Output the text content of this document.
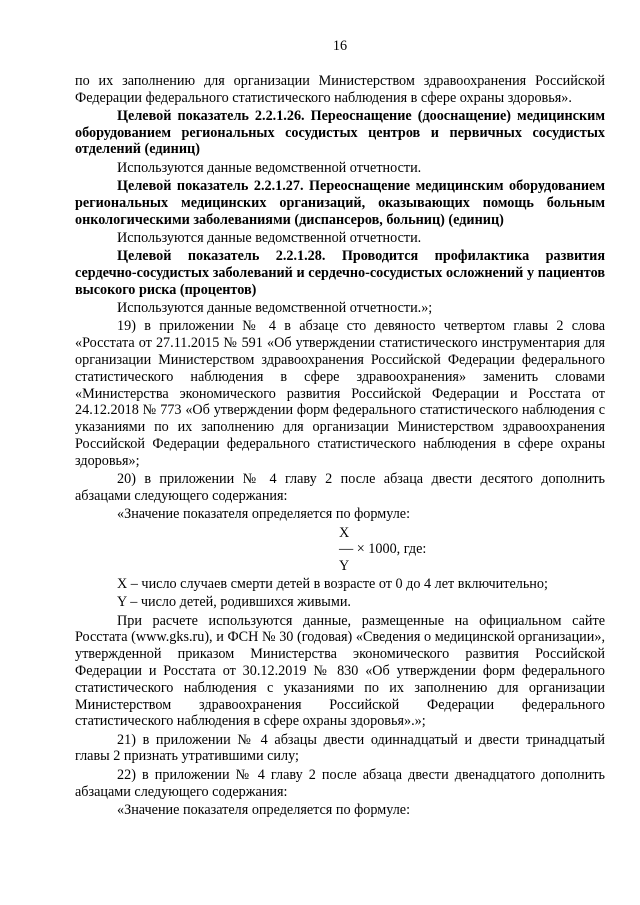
16
по их заполнению для организации Министерством здравоохранения Российской Федерации федерального статистического наблюдения в сфере охраны здоровья».
Целевой показатель 2.2.1.26. Переоснащение (дооснащение) медицинским оборудованием региональных сосудистых центров и первичных сосудистых отделений (единиц)
Используются данные ведомственной отчетности.
Целевой показатель 2.2.1.27. Переоснащение медицинским оборудованием региональных медицинских организаций, оказывающих помощь больным онкологическими заболеваниями (диспансеров, больниц) (единиц)
Используются данные ведомственной отчетности.
Целевой показатель 2.2.1.28. Проводится профилактика развития сердечно-сосудистых заболеваний и сердечно-сосудистых осложнений у пациентов высокого риска (процентов)
Используются данные ведомственной отчетности.»;
19) в приложении № 4 в абзаце сто девяносто четвертом главы 2 слова «Росстата от 27.11.2015 № 591 «Об утверждении статистического инструментария для организации Министерством здравоохранения Российской Федерации федерального статистического наблюдения в сфере здравоохранения» заменить словами «Министерства экономического развития Российской Федерации и Росстата от 24.12.2018 № 773 «Об утверждении форм федерального статистического наблюдения с указаниями по их заполнению для организации Министерством здравоохранения Российской Федерации федерального статистического наблюдения в сфере охраны здоровья»;
20) в приложении № 4 главу 2 после абзаца двести десятого дополнить абзацами следующего содержания:
«Значение показателя определяется по формуле:
X
— × 1000, где:
Y
X – число случаев смерти детей в возрасте от 0 до 4 лет включительно;
Y – число детей, родившихся живыми.
При расчете используются данные, размещенные на официальном сайте Росстата (www.gks.ru), и ФСН № 30 (годовая) «Сведения о медицинской организации», утвержденной приказом Министерства экономического развития Российской Федерации и Росстата от 30.12.2019 № 830 «Об утверждении форм федерального статистического наблюдения с указаниями по их заполнению для организации Министерством здравоохранения Российской Федерации федерального статистического наблюдения в сфере охраны здоровья».»;
21) в приложении № 4 абзацы двести одиннадцатый и двести тринадцатый главы 2 признать утратившими силу;
22) в приложении № 4 главу 2 после абзаца двести двенадцатого дополнить абзацами следующего содержания:
«Значение показателя определяется по формуле:
